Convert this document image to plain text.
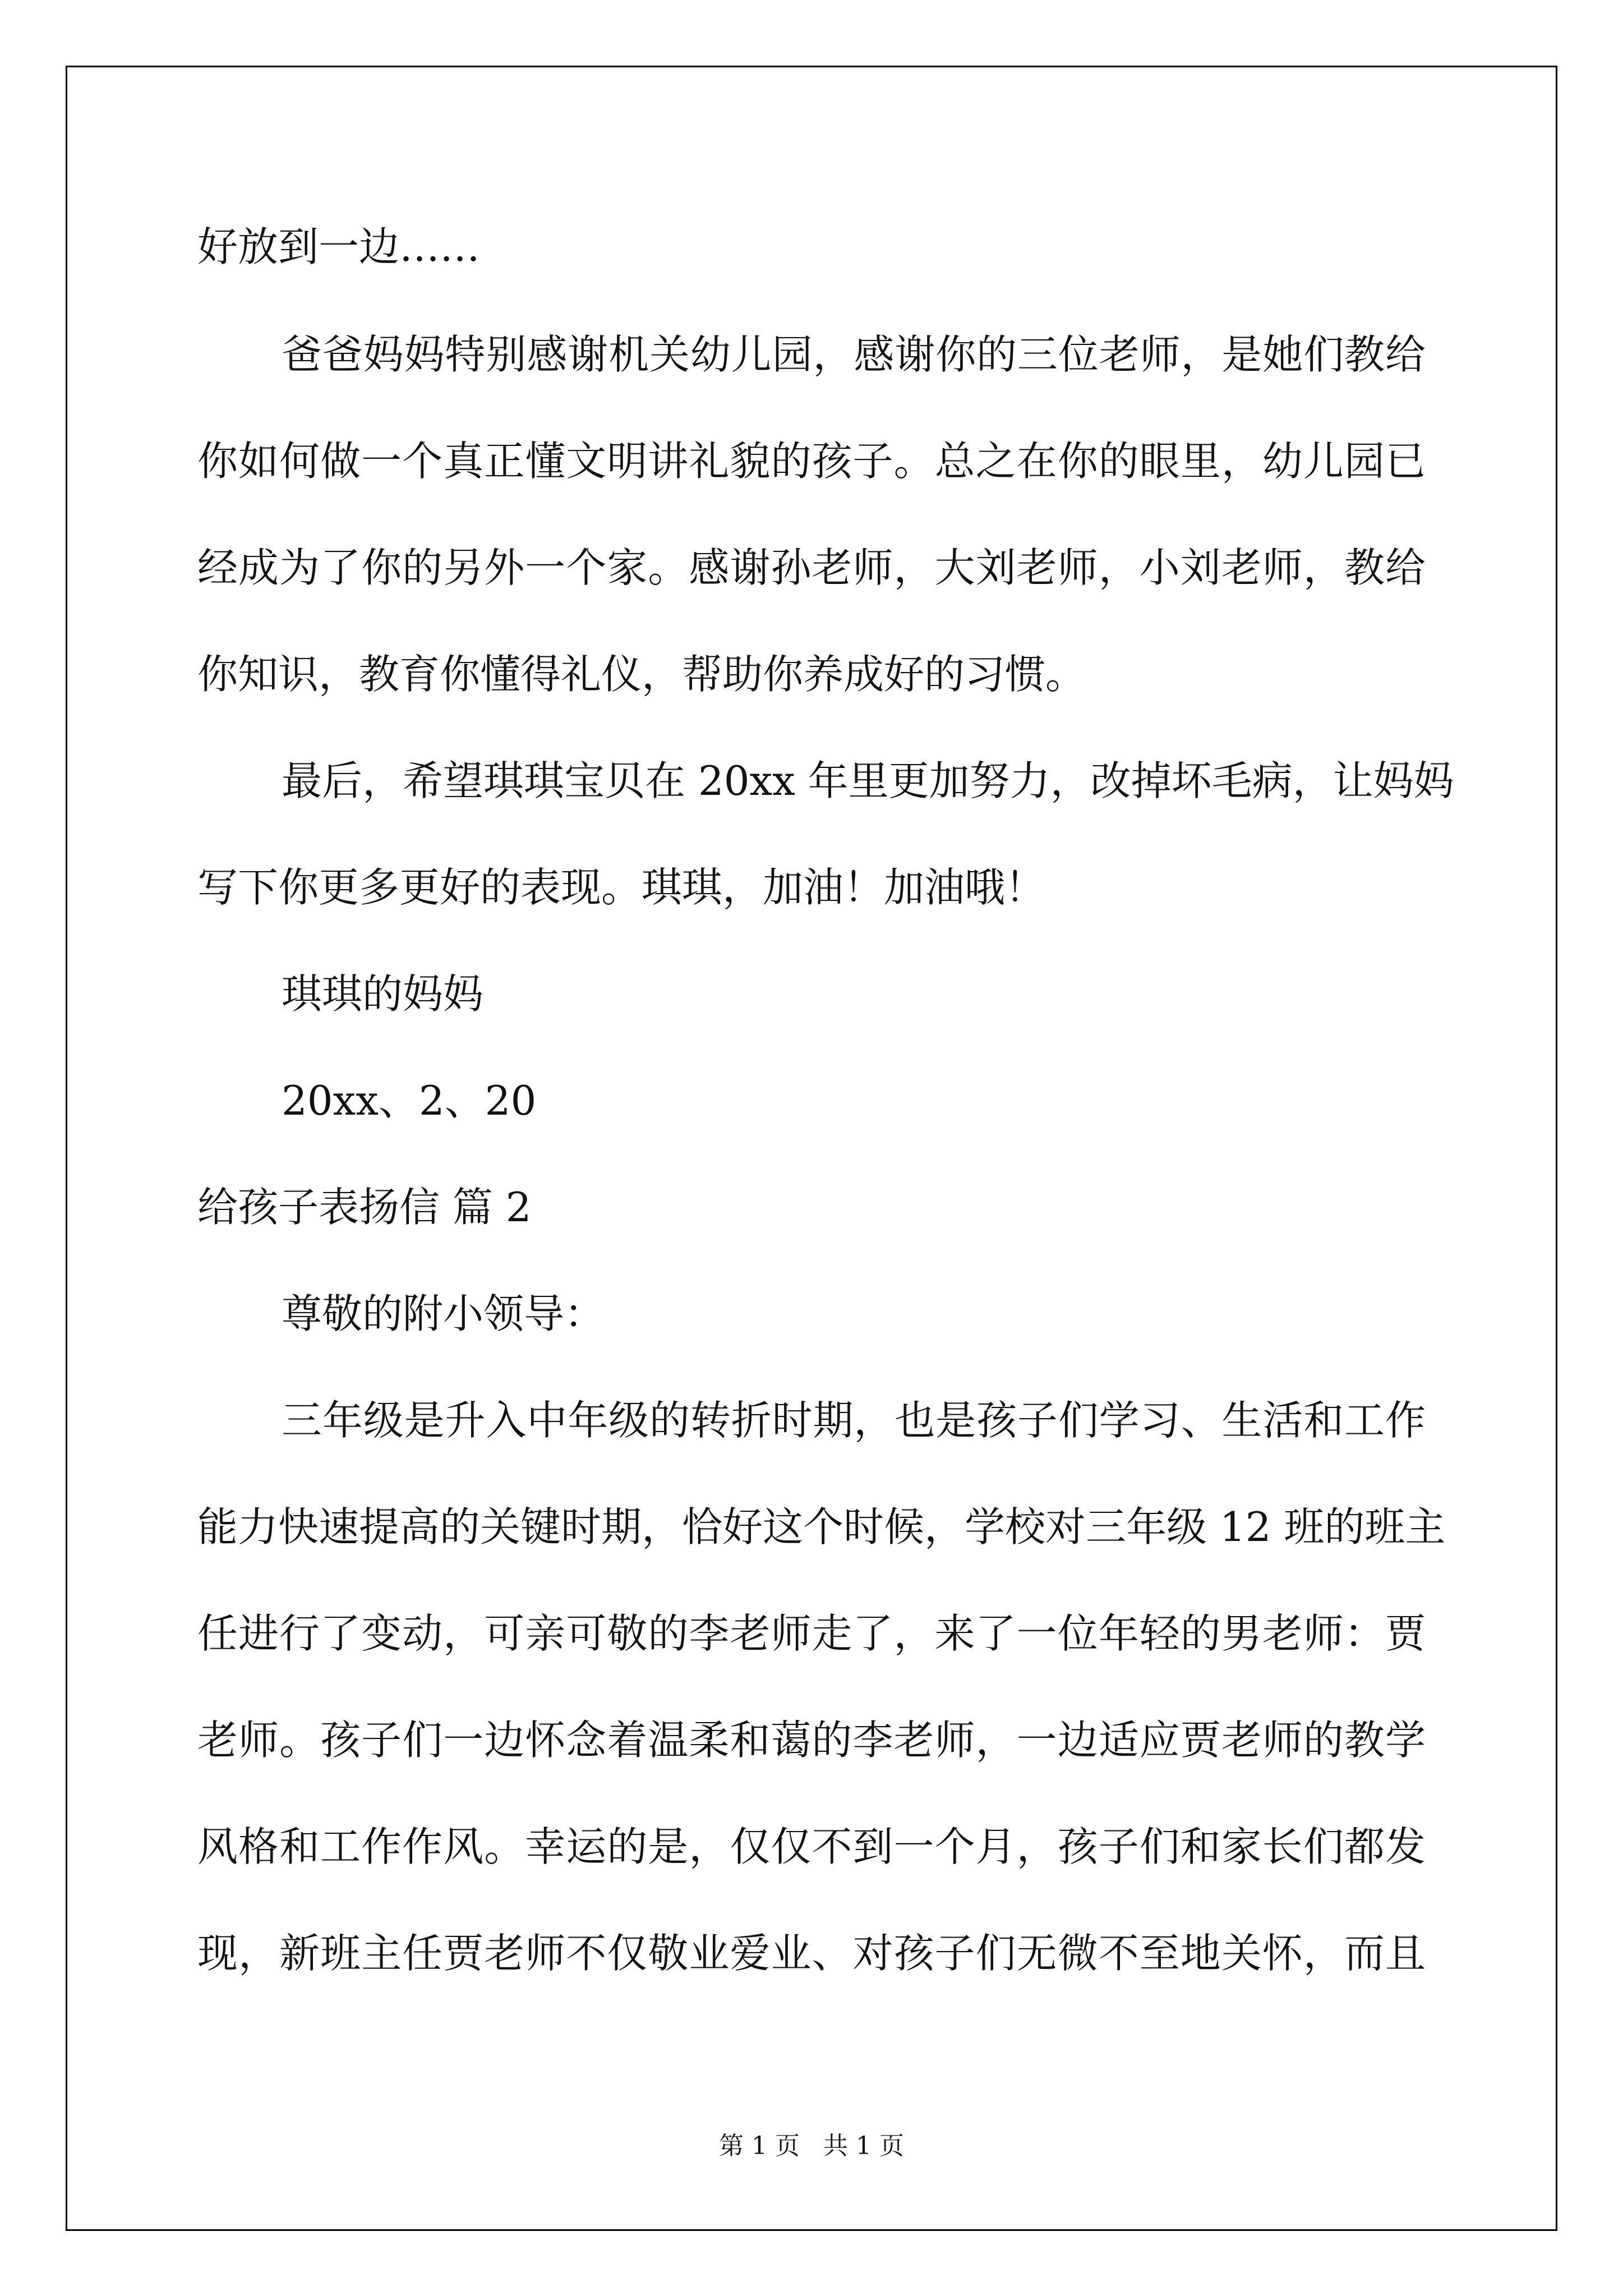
好放到一边……

爸爸妈妈特别感谢机关幼儿园，感谢你的三位老师，是她们教给

你如何做一个真正懂文明讲礼貌的孩子。总之在你的眼里，幼儿园已

经成为了你的另外一个家。感谢孙老师，大刘老师，小刘老师，教给

你知识，教育你懂得礼仪，帮助你养成好的习惯。

最后，希望琪琪宝贝在 20xx 年里更加努力，改掉坏毛病，让妈妈

写下你更多更好的表现。琪琪，加油！加油哦！

琪琪的妈妈

20xx、2、20

给孩子表扬信 篇 2

尊敬的附小领导：

三年级是升入中年级的转折时期，也是孩子们学习、生活和工作

能力快速提高的关键时期，恰好这个时候，学校对三年级 12 班的班主

任进行了变动，可亲可敬的李老师走了，来了一位年轻的男老师：贾

老师。孩子们一边怀念着温柔和蔼的李老师，一边适应贾老师的教学

风格和工作作风。幸运的是，仅仅不到一个月，孩子们和家长们都发

现，新班主任贾老师不仅敬业爱业、对孩子们无微不至地关怀，而且

第 1 页   共 1 页
